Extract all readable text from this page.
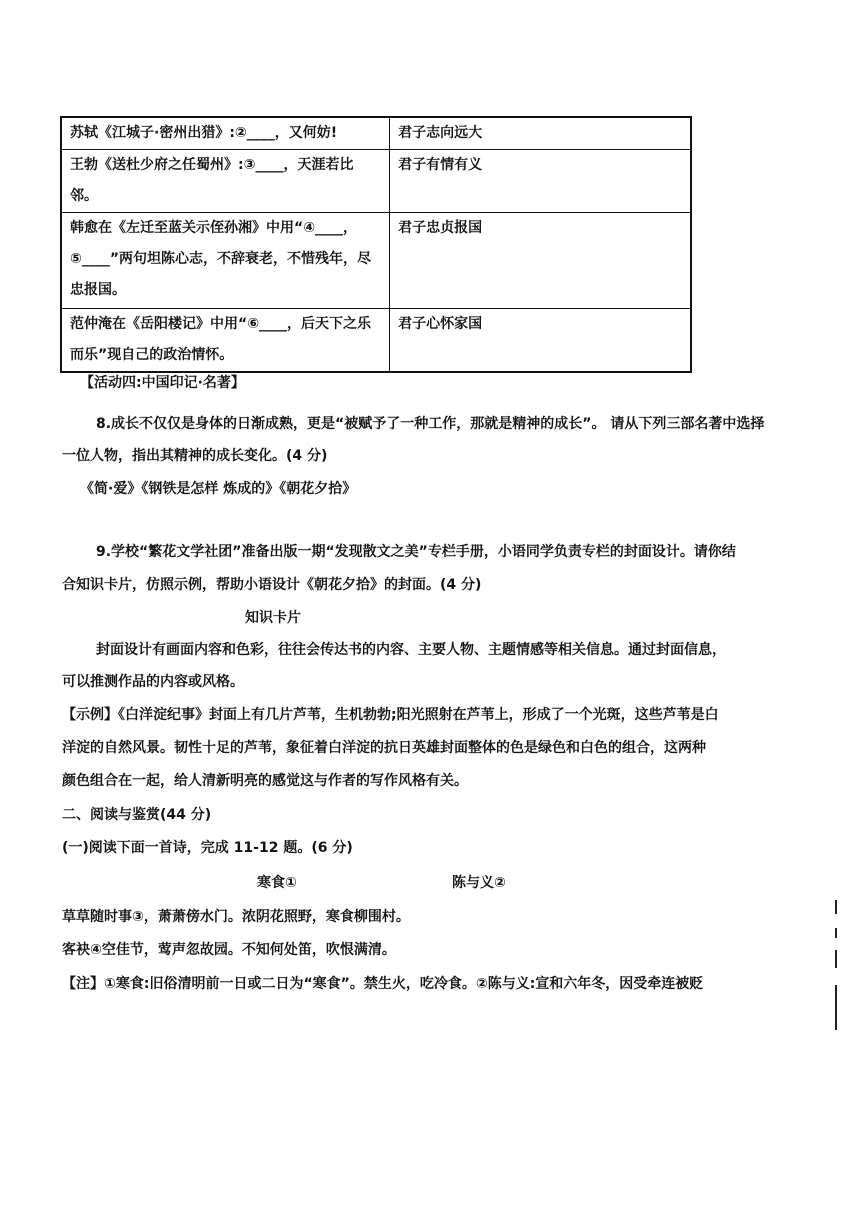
苏轼《江城子·密州出猎》:②____，又何妨!	君子志向远大
王勃《送杜少府之任蜀州》:③____，天涯若比邻。	君子有情有义
韩愈在《左迁至蓝关示侄孙湘》中用“④____，⑤____”两句坦陈心志，不辞衰老，不惜残年，尽忠报国。	君子忠贞报国
范仲淹在《岳阳楼记》中用“⑥____，后天下之乐而乐”现自己的政治情怀。	君子心怀家国
【活动四:中国印记·名著】
8.成长不仅仅是身体的日渐成熟，更是“被赋予了一种工作，那就是精神的成长”。 请从下列三部名著中选择
一位人物，指出其精神的成长变化。(4 分)
《简·爱》《钢铁是怎样 炼成的》《朝花夕拾》
9.学校“繁花文学社团”准备出版一期“发现散文之美”专栏手册，小语同学负责专栏的封面设计。请你结
合知识卡片，仿照示例，帮助小语设计《朝花夕拾》的封面。(4 分)
知识卡片
封面设计有画面内容和色彩，往往会传达书的内容、主要人物、主题情感等相关信息。通过封面信息，
可以推测作品的内容或风格。
【示例】《白洋淀纪事》封面上有几片芦苇，生机勃勃;阳光照射在芦苇上，形成了一个光斑，这些芦苇是白
洋淀的自然风景。韧性十足的芦苇，象征着白洋淀的抗日英雄封面整体的色是绿色和白色的组合，这两种
颜色组合在一起，给人清新明亮的感觉这与作者的写作风格有关。
二、阅读与鉴赏(44 分)
(一)阅读下面一首诗，完成 11-12 题。(6 分)
寒食①	陈与义②
草草随时事③，萧萧傍水门。浓阴花照野，寒食柳围村。
客袂④空佳节，莺声忽故园。不知何处笛，吹恨满清。
【注】①寒食:旧俗清明前一日或二日为“寒食”。禁生火，吃冷食。②陈与义:宣和六年冬，因受牵连被贬
